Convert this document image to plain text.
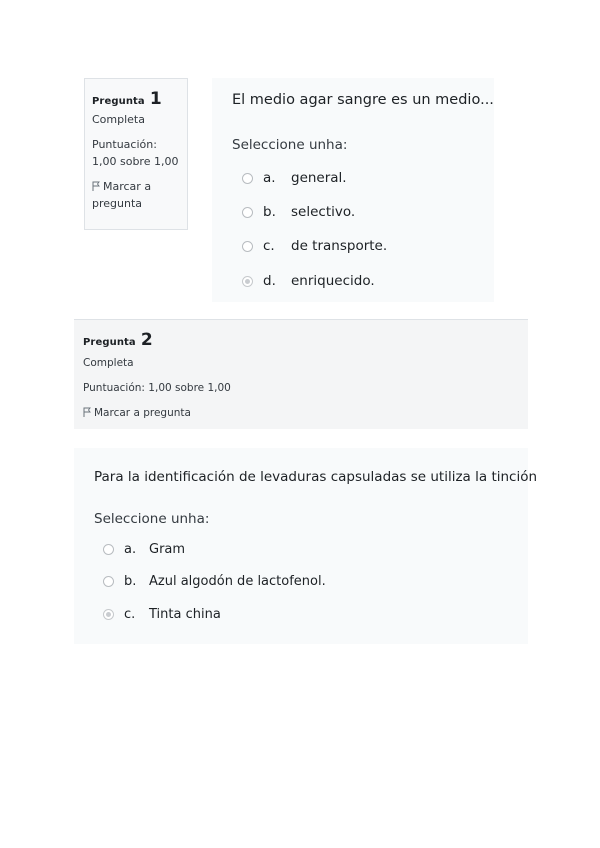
Pregunta 1
Completa
Puntuación:
1,00 sobre 1,00
Marcar a
pregunta
El medio agar sangre es un medio...
Seleccione unha:
a.	general.
b.	selectivo.
c.	de transporte.
d.	enriquecido.
Pregunta 2
Completa
Puntuación: 1,00 sobre 1,00
Marcar a pregunta
Para la identificación de levaduras capsuladas se utiliza la tinción
Seleccione unha:
a. Gram
b. Azul algodón de lactofenol.
c.	Tinta china
